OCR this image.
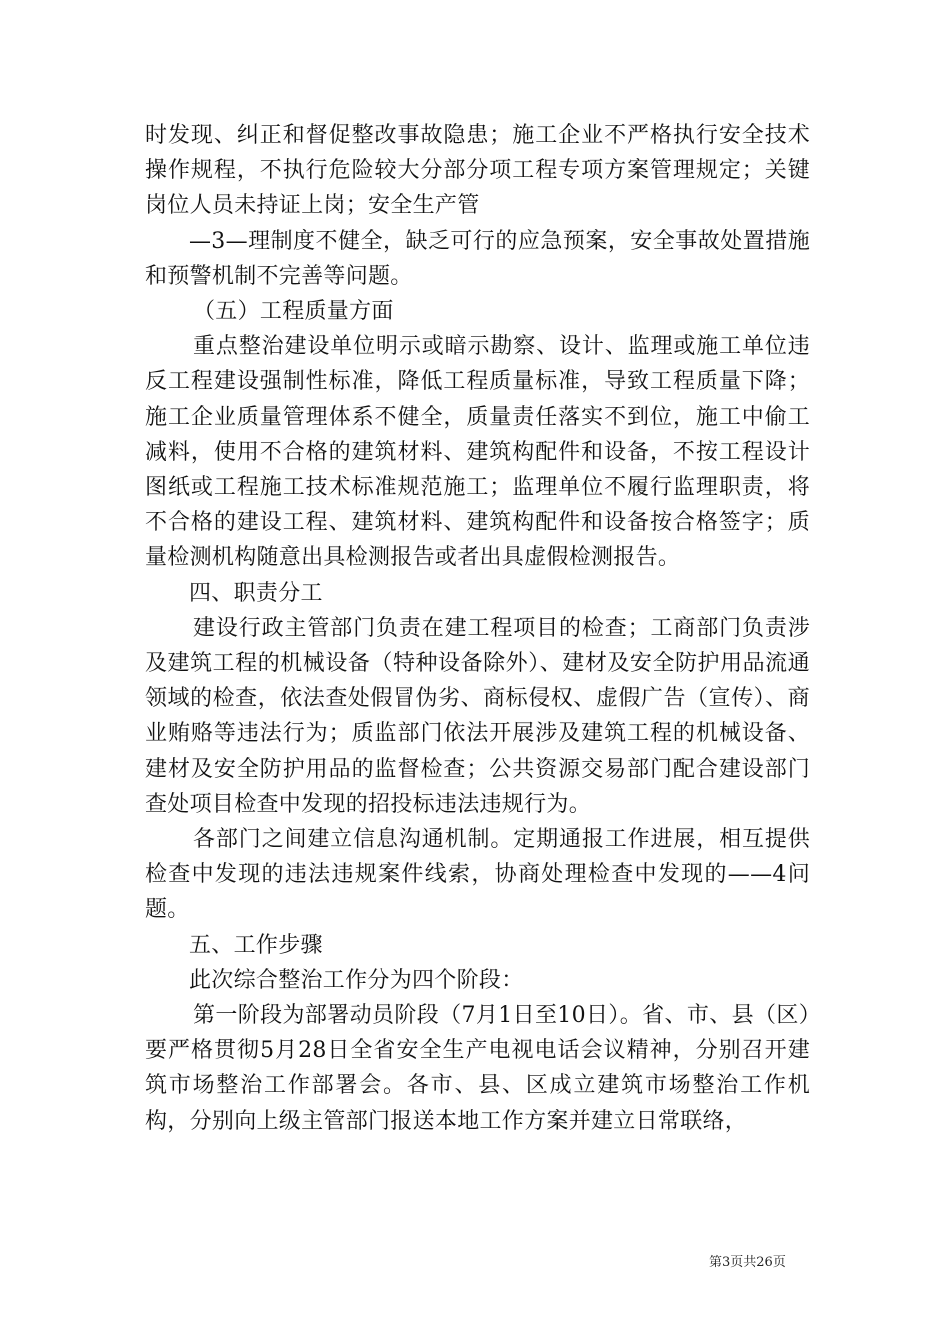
时发现、纠正和督促整改事故隐患；施工企业不严格执行安全技术操作规程，不执行危险较大分部分项工程专项方案管理规定；关键岗位人员未持证上岗；安全生产管

—3—理制度不健全，缺乏可行的应急预案，安全事故处置措施和预警机制不完善等问题。

（五）工程质量方面

重点整治建设单位明示或暗示勘察、设计、监理或施工单位违反工程建设强制性标准，降低工程质量标准，导致工程质量下降；施工企业质量管理体系不健全，质量责任落实不到位，施工中偷工减料，使用不合格的建筑材料、建筑构配件和设备，不按工程设计图纸或工程施工技术标准规范施工；监理单位不履行监理职责，将不合格的建设工程、建筑材料、建筑构配件和设备按合格签字；质量检测机构随意出具检测报告或者出具虚假检测报告。

四、职责分工

建设行政主管部门负责在建工程项目的检查；工商部门负责涉及建筑工程的机械设备（特种设备除外）、建材及安全防护用品流通领域的检查，依法查处假冒伪劣、商标侵权、虚假广告（宣传）、商业贿赂等违法行为；质监部门依法开展涉及建筑工程的机械设备、建材及安全防护用品的监督检查；公共资源交易部门配合建设部门查处项目检查中发现的招投标违法违规行为。

各部门之间建立信息沟通机制。定期通报工作进展，相互提供检查中发现的违法违规案件线索，协商处理检查中发现的——4问题。

五、工作步骤

此次综合整治工作分为四个阶段：

第一阶段为部署动员阶段（7月1日至10日）。省、市、县（区）要严格贯彻5月28日全省安全生产电视电话会议精神，分别召开建筑市场整治工作部署会。各市、县、区成立建筑市场整治工作机构，分别向上级主管部门报送本地工作方案并建立日常联络，

第3页共26页
